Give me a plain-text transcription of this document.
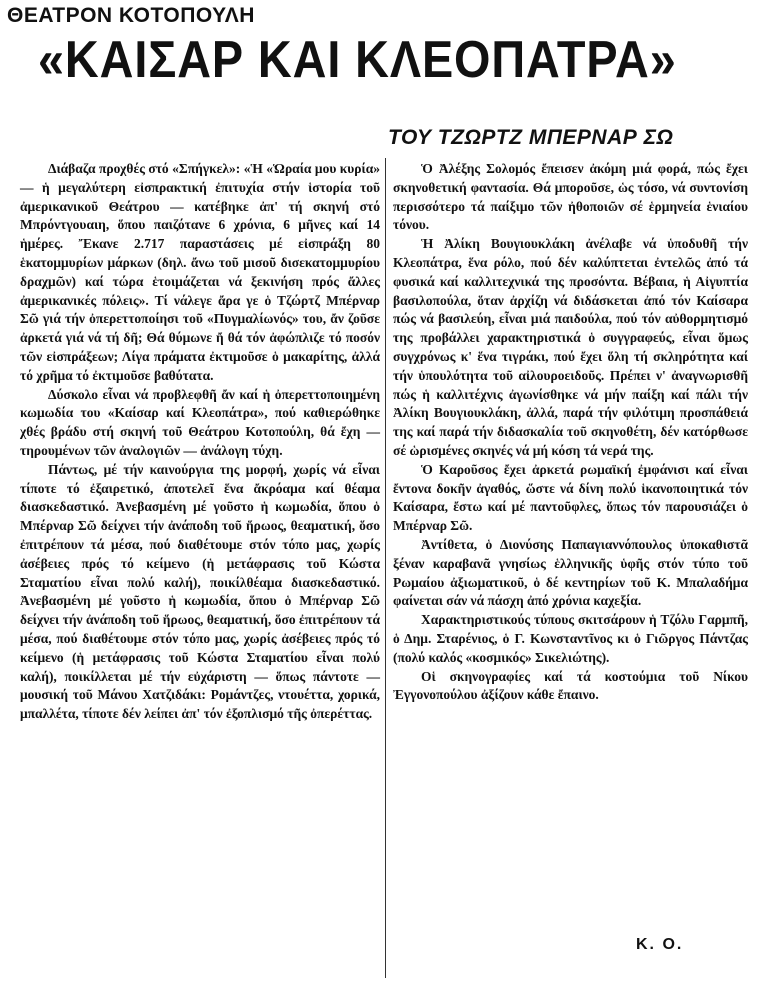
ΘΕΑΤΡΟΝ ΚΟΤΟΠΟΥΛΗ
«ΚΑΙΣΑΡ ΚΑΙ ΚΛΕΟΠΑΤΡΑ»
ΤΟΥ ΤΖΩΡΤΖ ΜΠΕΡΝΑΡ ΣΩ

Διάβαζα προχθές στό «Σπήγκελ»: «Ἡ «Ὡραία μου κυρία» — ἡ μεγαλύτερη εἰσπρακτική ἐπιτυχία στήν ἱστορία τοῦ ἀμερικανικοῦ Θεάτρου — κατέβηκε ἀπ' τή σκηνή στό Μπρόντγουαιη, ὅπου παιζότανε 6 χρόνια, 6 μῆνες καί 14 ἡμέρες. Ἔκανε 2.717 παραστάσεις μέ εἰσπράξη 80 ἑκατομμυρίων μάρκων (δηλ. ἄνω τοῦ μισοῦ δισεκατομμυρίου δραχμῶν) καί τώρα ἑτοιμάζεται νά ξεκινήση πρός ἄλλες ἀμερικανικές πόλεις». Τί νάλεγε ἄρα γε ὁ Τζώρτζ Μπέρναρ Σῶ γιά τήν ὀπερεττοποίησι τοῦ «Πυγμαλίωνός» του, ἄν ζοῦσε ἀρκετά γιά νά τή δῆ; Θά θύμωνε ἤ θά τόν ἀφώπλιζε τό ποσόν τῶν εἰσπράξεων; Λίγα πράματα ἐκτιμοῦσε ὁ μακαρίτης, ἀλλά τό χρῆμα τό ἐκτιμοῦσε βαθύτατα.

Δύσκολο εἶναι νά προβλεφθῆ ἄν καί ἡ ὀπερεττοποιημένη κωμωδία του «Καίσαρ καί Κλεοπάτρα», πού καθιερώθηκε χθές βράδυ στή σκηνή τοῦ Θεάτρου Κοτοπούλη, θά ἔχη — τηρουμένων τῶν ἀναλογιῶν — ἀνάλογη τύχη.

Πάντως, μέ τήν καινούργια της μορφή, χωρίς νά εἶναι τίποτε τό ἐξαιρετικό, ἀποτελεῖ ἕνα ἄκρόαμα καί θέαμα διασκεδαστικό. Ἀνεβασμένη μέ γοῦστο ἡ κωμωδία, ὅπου ὁ Μπέρναρ Σῶ δείχνει τήν ἀνάποδη τοῦ ἥρωος, θεαματική, ὅσο ἐπιτρέπουν τά μέσα, πού διαθέτουμε στόν τόπο μας, χωρίς ἀσέβειες πρός τό κείμενο (ἡ μετάφρασις τοῦ Κώστα Σταματίου εἶναι πολύ καλή), ποικίλθέαμα διασκεδαστικό. Ἀνεβασμένη μέ γοῦστο ἡ κωμωδία, ὅπου ὁ Μπέρναρ Σῶ δείχνει τήν ἀνάποδη τοῦ ἥρωος, θεαματική, ὅσο ἐπιτρέπουν τά μέσα, πού διαθέτουμε στόν τόπο μας, χωρίς ἀσέβειες πρός τό κείμενο (ἡ μετάφρασις τοῦ Κώστα Σταματίου εἶναι πολύ καλή), ποικίλλεται μέ τήν εὐχάριστη — ὅπως πάντοτε — μουσική τοῦ Μάνου Χατζιδάκι: Ρομάντζες, ντουέττα, χορικά, μπαλλέτα, τίποτε δέν λείπει ἀπ' τόν ἐξοπλισμό τῆς ὀπερέττας.

Ὁ Ἀλέξης Σολομός ἔπεισεν ἀκόμη μιά φορά, πώς ἔχει σκηνοθετική φαντασία. Θά μποροῦσε, ὡς τόσο, νά συντονίση περισσότερο τά παίξιμο τῶν ἠθοποιῶν σέ ἑρμηνεία ἑνιαίου τόνου.

Ἡ Ἀλίκη Βουγιουκλάκη ἀνέλαβε νά ὑποδυθῆ τήν Κλεοπάτρα, ἕνα ρόλο, πού δέν καλύπτεται ἐντελῶς ἀπό τά φυσικά καί καλλιτεχνικά της προσόντα. Βέβαια, ἡ Αἰγυπτία βασιλοπούλα, ὅταν ἀρχίζη νά διδάσκεται ἀπό τόν Καίσαρα πώς νά βασιλεύη, εἶναι μιά παιδούλα, πού τόν αὐθορμητισμό της προβάλλει χαρακτηριστικά ὁ συγγραφεύς, εἶναι ὅμως συγχρόνως κ' ἕνα τιγράκι, πού ἔχει ὅλη τή σκληρότητα καί τήν ὑπουλότητα τοῦ αἰλουροειδοῦς. Πρέπει ν' ἀναγνωρισθῆ πώς ἡ καλλιτέχνις ἀγωνίσθηκε νά μήν παίξη καί πάλι τήν Ἀλίκη Βουγιουκλάκη, ἀλλά, παρά τήν φιλότιμη προσπάθειά της καί παρά τήν διδασκαλία τοῦ σκηνοθέτη, δέν κατόρθωσε σέ ὡρισμένες σκηνές νά μή κόση τά νερά της.

Ὁ Καροῦσος ἔχει ἀρκετά ρωμαϊκή ἐμφάνισι καί εἶναι ἔντονα δοκῆν ἀγαθός, ὥστε νά δίνη πολύ ἱκανοποιητικά τόν Καίσαρα, ἔστω καί μέ παντοῦφλες, ὅπως τόν παρουσιάζει ὁ Μπέρναρ Σῶ.

Ἀντίθετα, ὁ Διονύσης Παπαγιαννόπουλος ὑποκαθιστᾶ ξέναν καραβανᾶ γνησίως ἑλληνικῆς ὑφῆς στόν τύπο τοῦ Ρωμαίου ἀξιωματικοῦ, ὁ δέ κεντηρίων τοῦ Κ. Μπαλαδήμα φαίνεται σάν νά πάσχη ἀπό χρόνια καχεξία.

Χαρακτηριστικούς τύπους σκιτσάρουν ἡ Τζόλυ Γαρμπῆ, ὁ Δημ. Σταρένιος, ὁ Γ. Κωνσταντῖνος κι ὁ Γιῶργος Πάντζας (πολύ καλός «κοσμικός» Σικελιώτης).

Οἱ σκηνογραφίες καί τά κοστούμια τοῦ Νίκου Ἐγγονοπούλου ἀξίζουν κάθε ἔπαινο.

Κ. Ο.
